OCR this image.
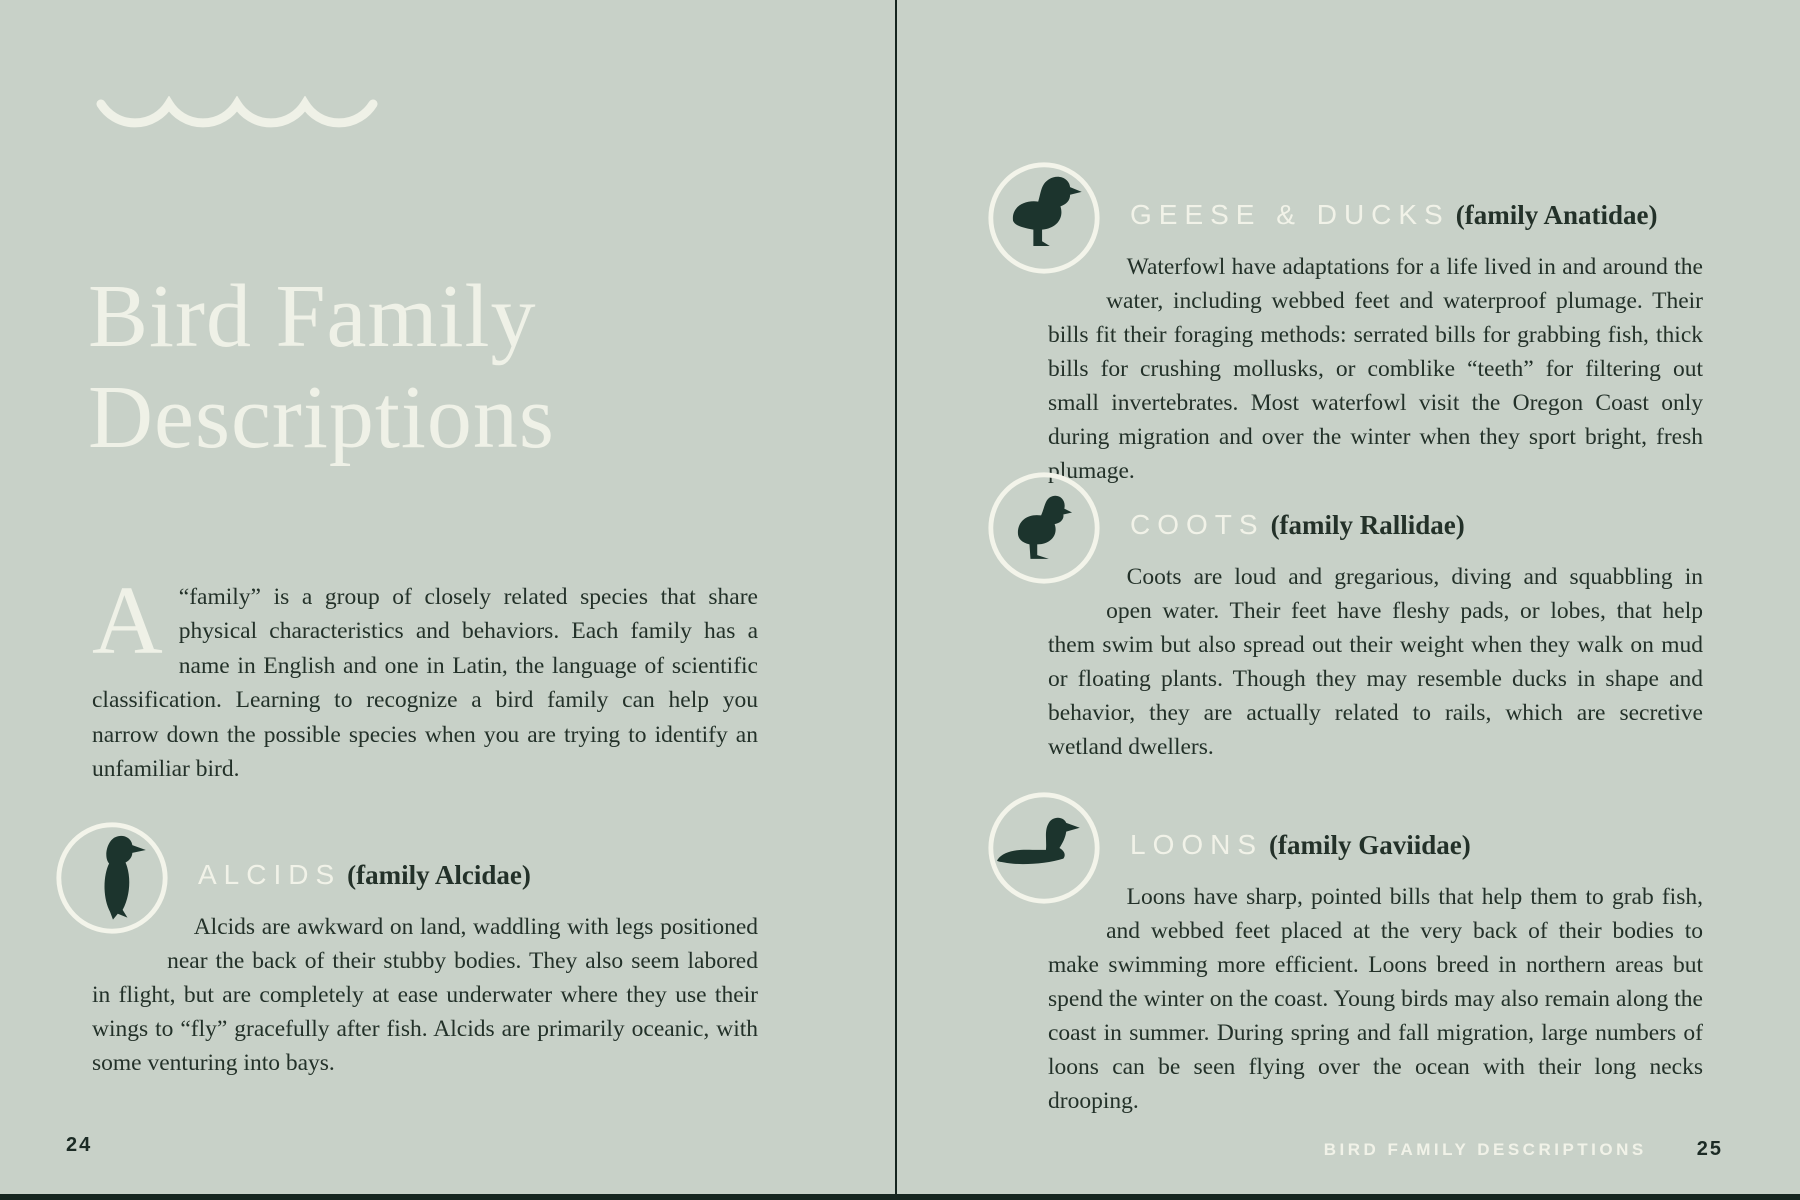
Bird Family
Descriptions

A “family” is a group of closely related species that share physical characteristics and behaviors. Each family has a name in English and one in Latin, the language of scientific classification. Learning to recognize a bird family can help you narrow down the possible species when you are trying to identify an unfamiliar bird.

ALCIDS (family Alcidae)

Alcids are awkward on land, waddling with legs positioned near the back of their stubby bodies. They also seem labored in flight, but are completely at ease underwater where they use their wings to “fly” gracefully after fish. Alcids are primarily oceanic, with some venturing into bays.

24
GEESE & DUCKS (family Anatidae)

Waterfowl have adaptations for a life lived in and around the water, including webbed feet and waterproof plumage. Their bills fit their foraging methods: serrated bills for grabbing fish, thick bills for crushing mollusks, or comblike “teeth” for filtering out small invertebrates. Most waterfowl visit the Oregon Coast only during migration and over the winter when they sport bright, fresh plumage.

COOTS (family Rallidae)

Coots are loud and gregarious, diving and squabbling in open water. Their feet have fleshy pads, or lobes, that help them swim but also spread out their weight when they walk on mud or floating plants. Though they may resemble ducks in shape and behavior, they are actually related to rails, which are secretive wetland dwellers.

LOONS (family Gaviidae)

Loons have sharp, pointed bills that help them to grab fish, and webbed feet placed at the very back of their bodies to make swimming more efficient. Loons breed in northern areas but spend the winter on the coast. Young birds may also remain along the coast in summer. During spring and fall migration, large numbers of loons can be seen flying over the ocean with their long necks drooping.

BIRD FAMILY DESCRIPTIONS	25
